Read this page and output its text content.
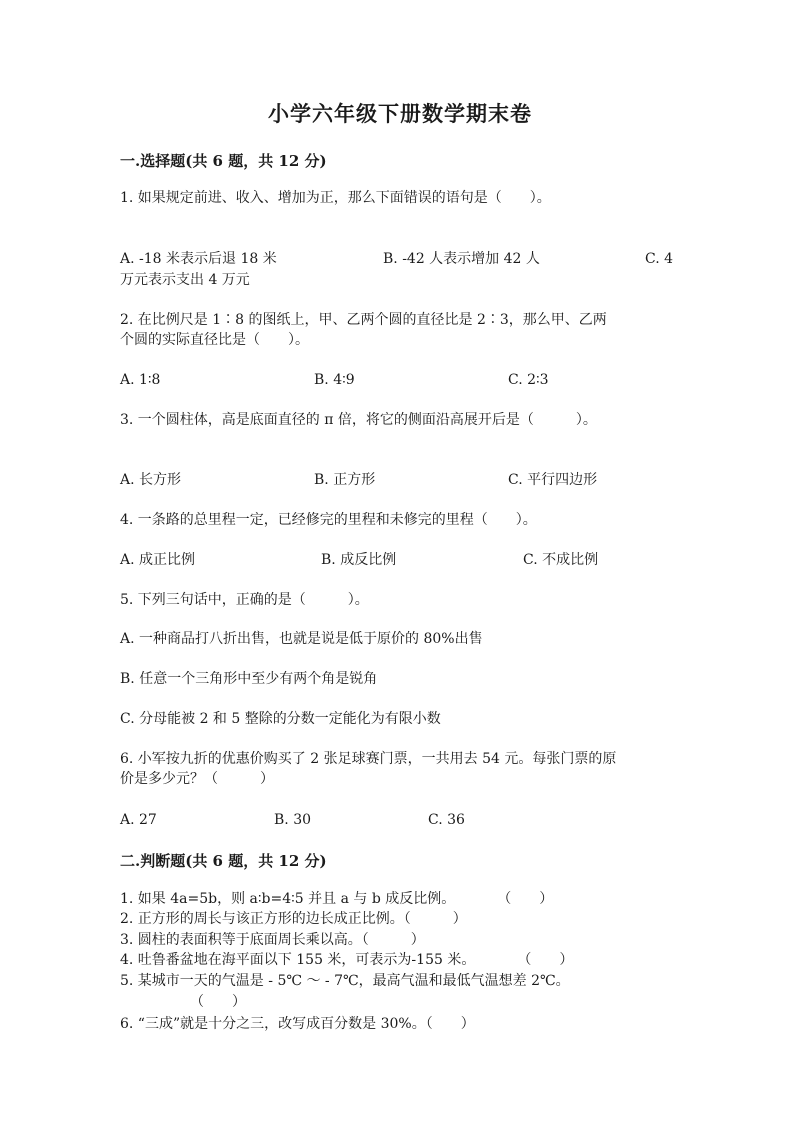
小学六年级下册数学期末卷
一.选择题(共 6 题，共 12 分)
1. 如果规定前进、收入、增加为正，那么下面错误的语句是（　　）。
A. -18 米表示后退 18 米	B. -42 人表示增加 42 人	C. 4
万元表示支出 4 万元
2. 在比例尺是 1∶8 的图纸上，甲、乙两个圆的直径比是 2∶3，那么甲、乙两
个圆的实际直径比是（　　）。
A. 1∶8	B. 4∶9	C. 2∶3
3. 一个圆柱体，高是底面直径的 π 倍，将它的侧面沿高展开后是（　　　）。
A. 长方形	B. 正方形	C. 平行四边形
4. 一条路的总里程一定，已经修完的里程和未修完的里程（　　）。
A. 成正比例	B. 成反比例	C. 不成比例
5. 下列三句话中，正确的是（　　　）。
A. 一种商品打八折出售，也就是说是低于原价的 80%出售
B. 任意一个三角形中至少有两个角是锐角
C. 分母能被 2 和 5 整除的分数一定能化为有限小数
6. 小军按九折的优惠价购买了 2 张足球赛门票，一共用去 54 元。每张门票的原
价是多少元？（　　　）
A. 27	B. 30	C. 36
二.判断题(共 6 题，共 12 分)
1. 如果 4a=5b，则 a∶b=4∶5 并且 a 与 b 成反比例。　　　　（　　）
2. 正方形的周长与该正方形的边长成正比例。（　　　）
3. 圆柱的表面积等于底面周长乘以高。（　　　）
4. 吐鲁番盆地在海平面以下 155 米，可表示为-155 米。　　　　（　　）
5. 某城市一天的气温是 - 5℃ ～ - 7℃，最高气温和最低气温想差 2℃。
（　　）
6. “三成”就是十分之三，改写成百分数是 30%。（　　）
